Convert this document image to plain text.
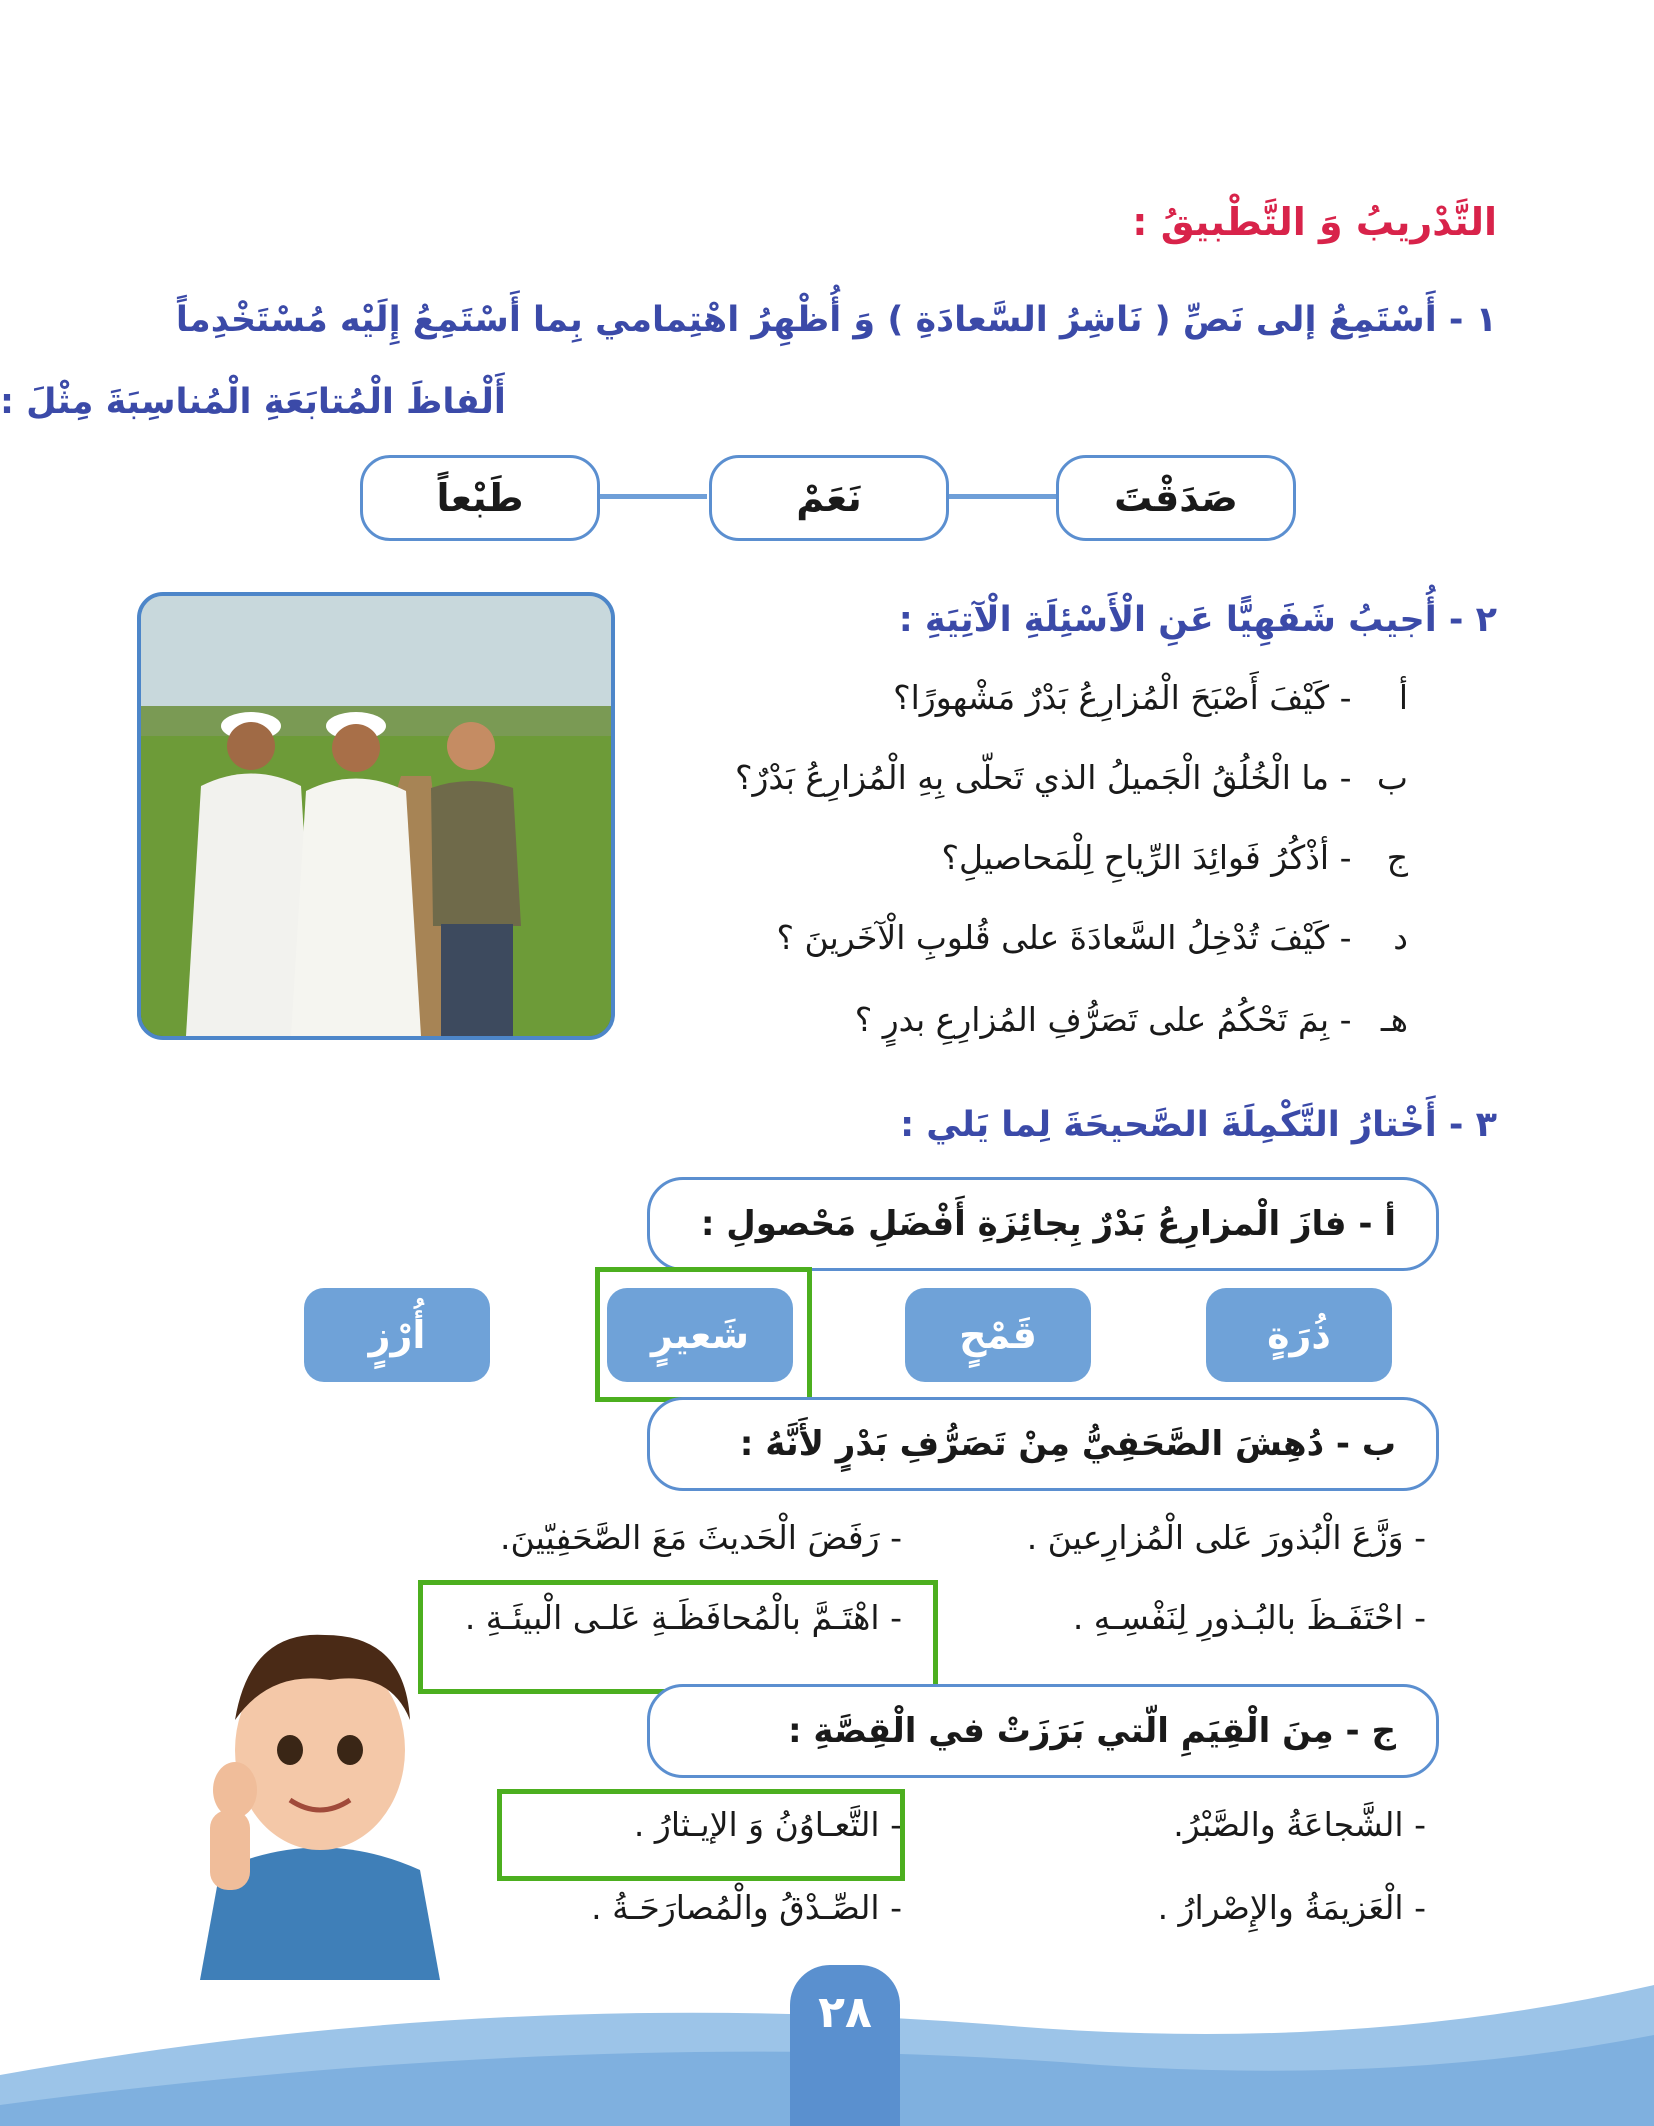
التَّدْريبُ وَ التَّطْبيقُ :
١ - أَسْتَمِعُ إلى نَصِّ ( نَاشِرُ السَّعادَةِ ) وَ أُظْهِرُ اهْتِمامي بِما أَسْتَمِعُ إِلَيْه مُسْتَخْدِماً
أَلْفاظَ الْمُتابَعَةِ الْمُناسِبَةَ مِثْلَ :
صَدَقْتَ
نَعَمْ
طَبْعاً
٢ - أُجيبُ شَفَهِيًّا عَنِ الْأَسْئِلَةِ الْآتِيَةِ :
أ - كَيْفَ أَصْبَحَ الْمُزارِعُ بَدْرٌ مَشْهورًا؟
ب - ما الْخُلُقُ الْجَميلُ الذي تَحلّى بِهِ الْمُزارِعُ بَدْرٌ؟
ج - أذْكُرُ فَوائِدَ الرِّياحِ لِلْمَحاصيلِ؟
د - كَيْفَ تُدْخِلُ السَّعادَةَ على قُلوبِ الْآخَرينَ ؟
هـ - بِمَ تَحْكُمُ على تَصَرُّفِ المُزارِعِ بدرٍ ؟
٣ - أَخْتارُ التَّكْمِلَةَ الصَّحيحَةَ لِما يَلي :
أ - فازَ الْمزارِعُ بَدْرٌ بِجائِزَةِ أَفْضَلِ مَحْصولِ :
ذُرَةٍ
قَمْحٍ
شَعيرٍ
أُرْزٍ
ب - دُهِشَ الصَّحَفِيُّ مِنْ تَصَرُّفِ بَدْرٍ لأَنَّهُ :
- وَزَّعَ الْبُذورَ عَلى الْمُزارِعينَ .
- رَفَضَ الْحَديثَ مَعَ الصَّحَفِيّينَ.
- احْتَفَـظَ بالبُـذورِ لِنَفْسِـهِ .
- اهْتَـمَّ بالْمُحافَظَـةِ عَلـى الْبيئَـةِ .
ج - مِنَ الْقِيَمِ الّتي بَرَزَتْ في الْقِصَّةِ :
- الشَّجاعَةُ والصَّبْرُ.
- التَّعـاوُنُ وَ الإيـثارُ .
- الْعَزيمَةُ والإِصْرارُ .
- الصِّـدْقُ والْمُصارَحَـةُ .
٢٨
